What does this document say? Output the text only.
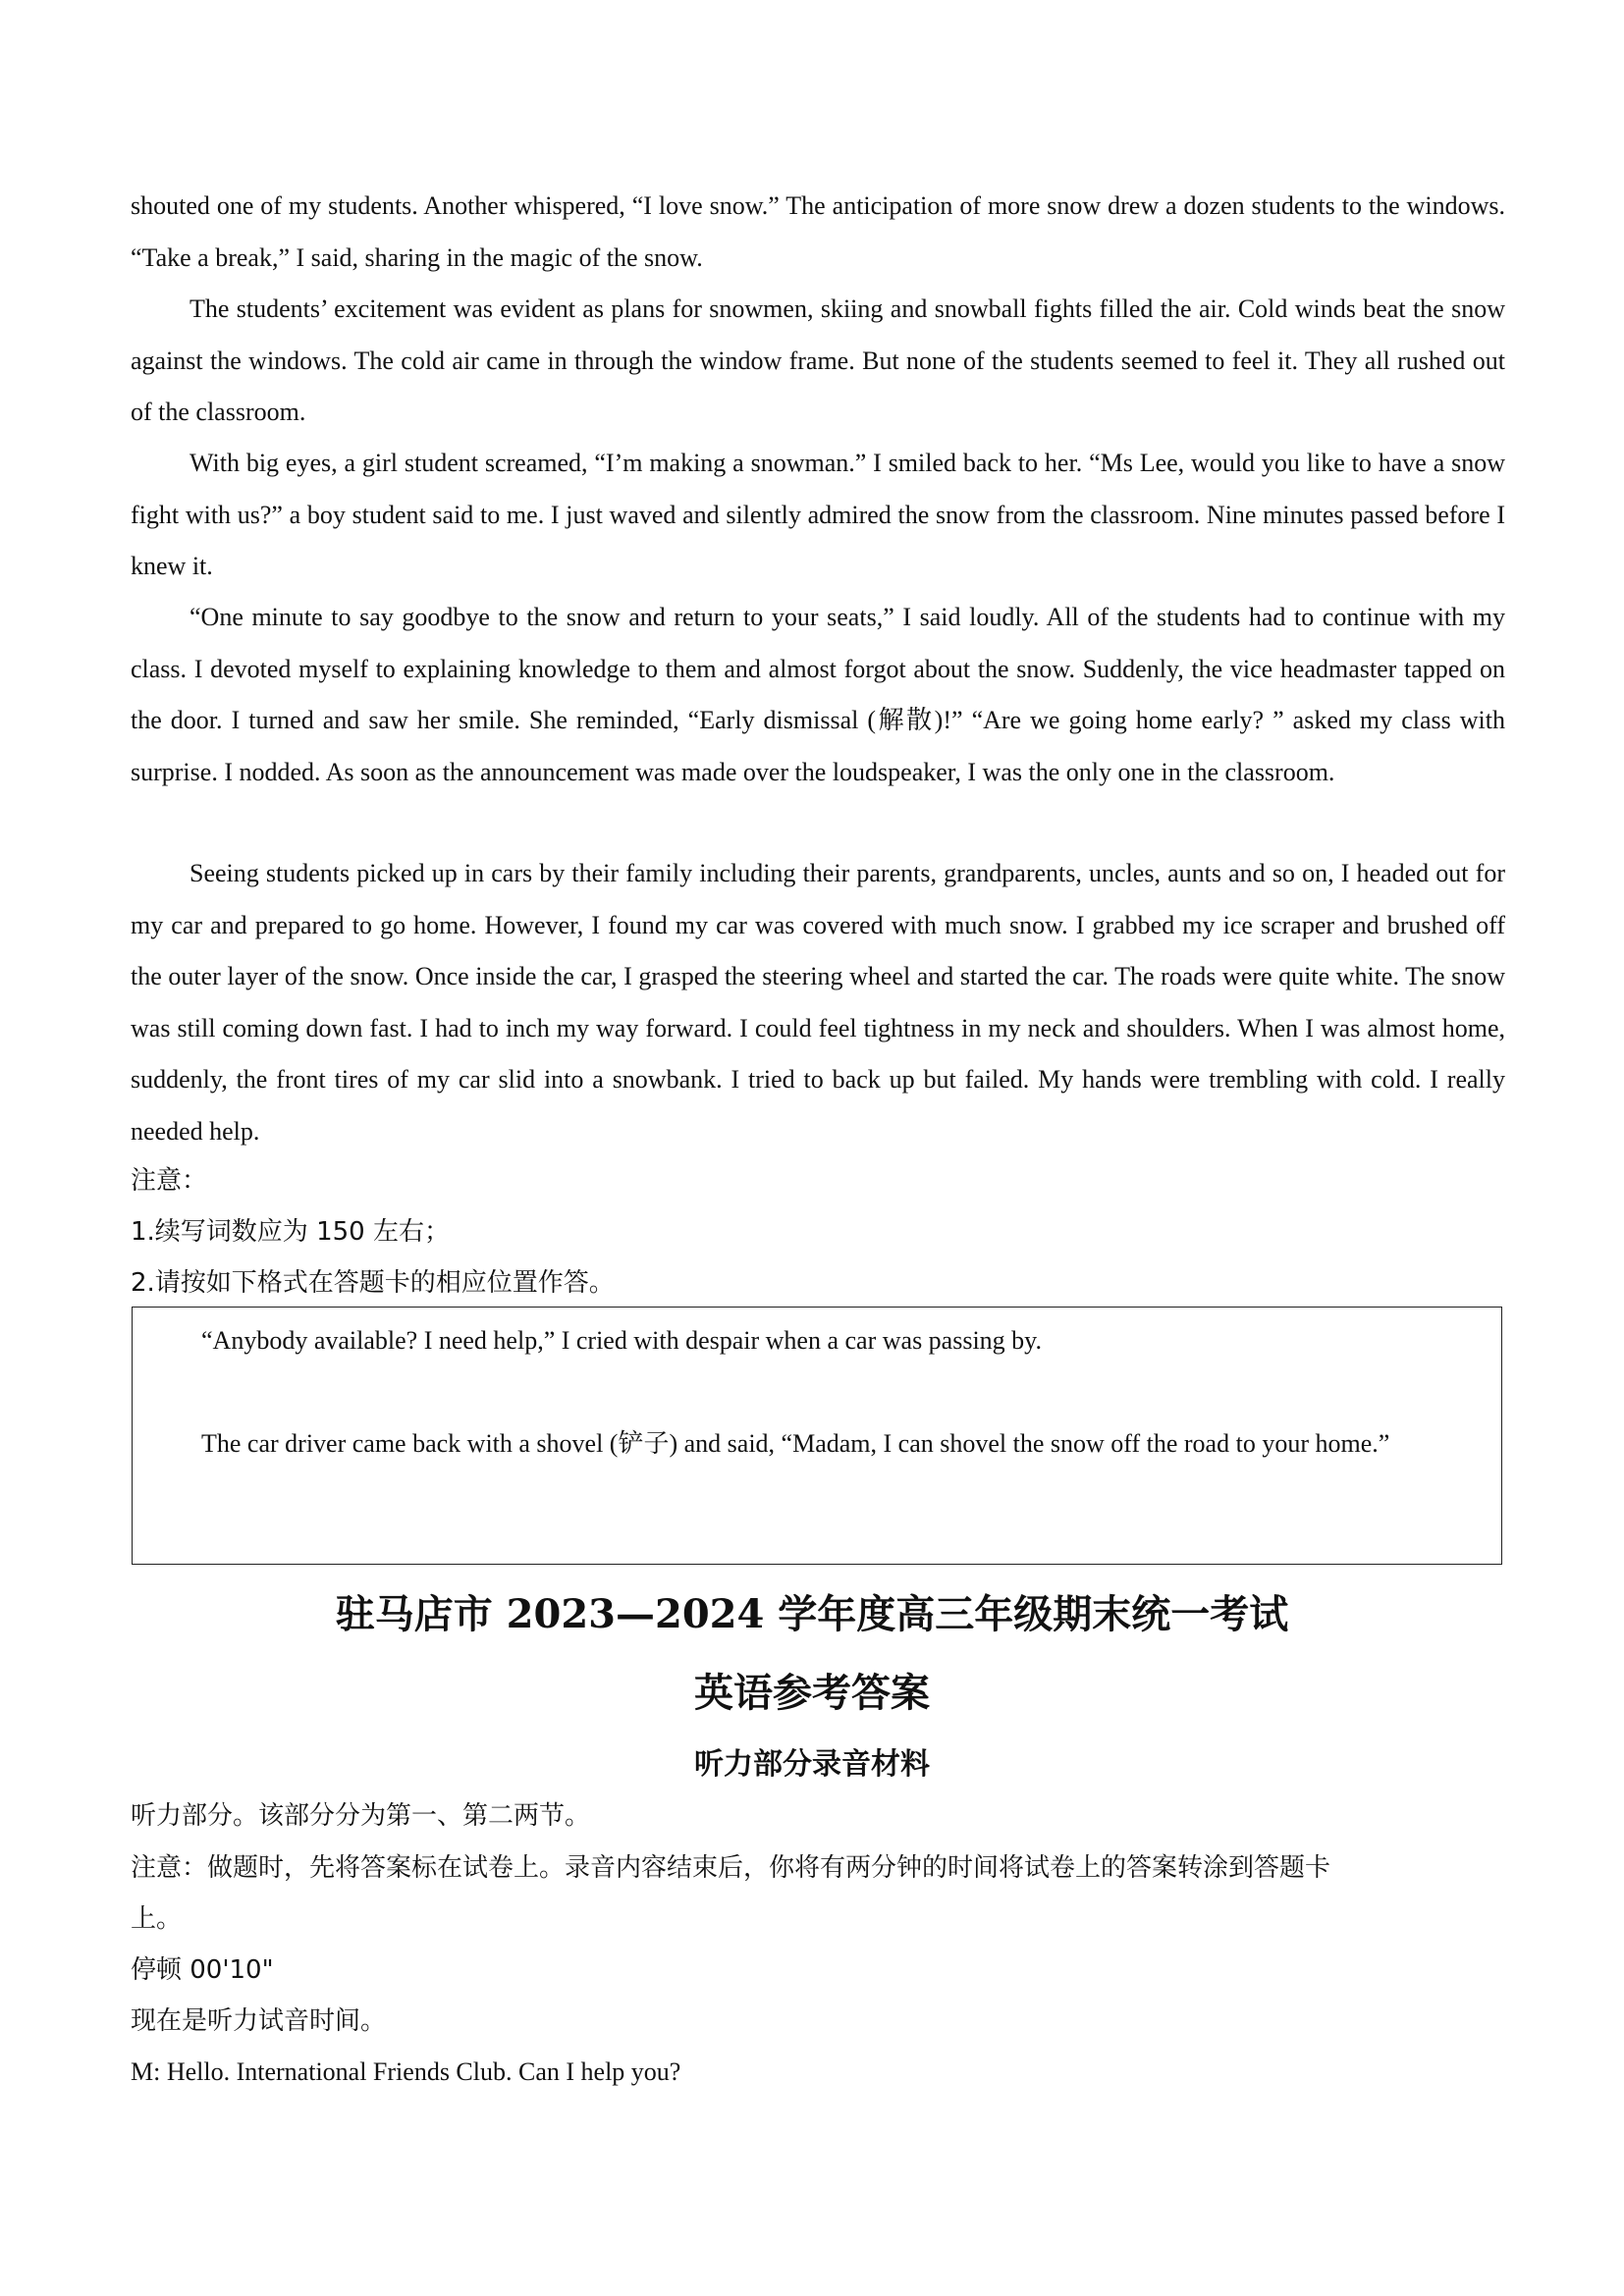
shouted one of my students. Another whispered, “I love snow.” The anticipation of more snow drew a dozen students to the windows. “Take a break,” I said, sharing in the magic of the snow.

The students’ excitement was evident as plans for snowmen, skiing and snowball fights filled the air. Cold winds beat the snow against the windows. The cold air came in through the window frame. But none of the students seemed to feel it. They all rushed out of the classroom.

With big eyes, a girl student screamed, “I’m making a snowman.” I smiled back to her. “Ms Lee, would you like to have a snow fight with us?” a boy student said to me. I just waved and silently admired the snow from the classroom. Nine minutes passed before I knew it.

“One minute to say goodbye to the snow and return to your seats,” I said loudly. All of the students had to continue with my class. I devoted myself to explaining knowledge to them and almost forgot about the snow. Suddenly, the vice headmaster tapped on the door. I turned and saw her smile. She reminded, “Early dismissal (解散)!” “Are we going home early? ” asked my class with surprise. I nodded. As soon as the announcement was made over the loudspeaker, I was the only one in the classroom.

Seeing students picked up in cars by their family including their parents, grandparents, uncles, aunts and so on, I headed out for my car and prepared to go home. However, I found my car was covered with much snow. I grabbed my ice scraper and brushed off the outer layer of the snow. Once inside the car, I grasped the steering wheel and started the car. The roads were quite white. The snow was still coming down fast. I had to inch my way forward. I could feel tightness in my neck and shoulders. When I was almost home, suddenly, the front tires of my car slid into a snowbank. I tried to back up but failed. My hands were trembling with cold. I really needed help.

注意：

1.续写词数应为 150 左右；

2.请按如下格式在答题卡的相应位置作答。

“Anybody available? I need help,” I cried with despair when a car was passing by.

The car driver came back with a shovel (铲子) and said, “Madam, I can shovel the snow off the road to your home.”

驻马店市 2023—2024 学年度高三年级期末统一考试
英语参考答案
听力部分录音材料

听力部分。该部分分为第一、第二两节。

注意：做题时，先将答案标在试卷上。录音内容结束后，你将有两分钟的时间将试卷上的答案转涂到答题卡

上。

停顿 00'10"

现在是听力试音时间。

M: Hello. International Friends Club. Can I help you?
